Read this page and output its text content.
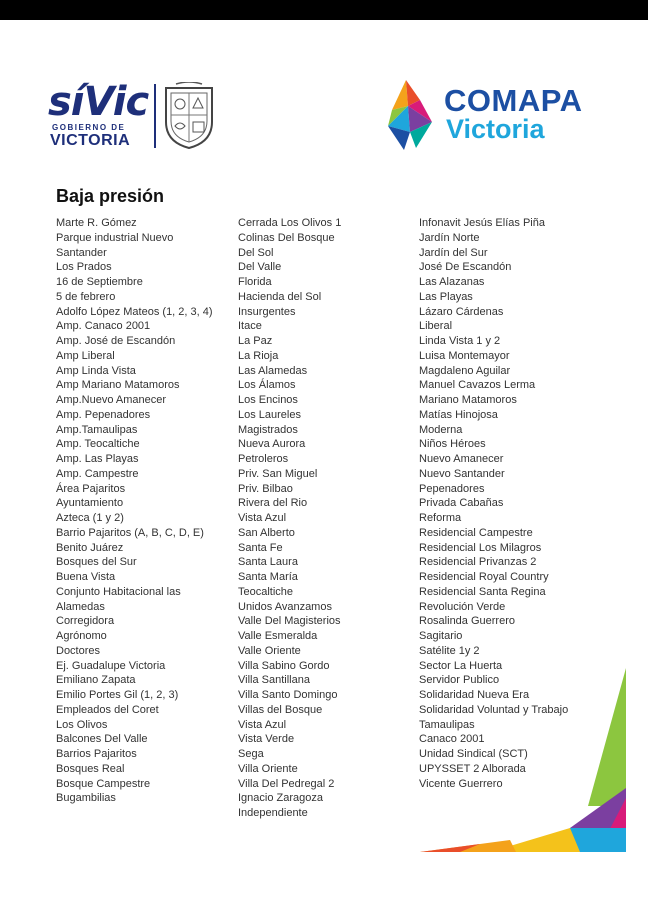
síVic
GOBIERNO DE
VICTORIA
COMAPA
Victoria
Baja presión
Marte R. Gómez
Parque industrial Nuevo Santander
Los Prados
16 de Septiembre
5 de febrero
Adolfo López Mateos (1, 2, 3, 4)
Amp. Canaco 2001
Amp. José de Escandón
Amp Liberal
Amp Linda Vista
Amp Mariano Matamoros
Amp.Nuevo Amanecer
Amp. Pepenadores
Amp.Tamaulipas
Amp. Teocaltiche
Amp. Las Playas
Amp. Campestre
Área Pajaritos
Ayuntamiento
Azteca (1 y 2)
Barrio Pajaritos (A, B, C, D, E)
Benito Juárez
Bosques del Sur
Buena Vista
Conjunto Habitacional las Alamedas
Corregidora
Agrónomo
Doctores
Ej. Guadalupe Victoria
Emiliano Zapata
Emilio Portes Gil (1, 2, 3)
Empleados del Coret
Los Olivos
Balcones Del Valle
Barrios Pajaritos
Bosques Real
Bosque Campestre
Bugambilias
Cerrada Los Olivos 1
Colinas Del Bosque
Del Sol
Del Valle
Florida
Hacienda del Sol
Insurgentes
Itace
La Paz
La Rioja
Las Alamedas
Los Álamos
Los Encinos
Los Laureles
Magistrados
Nueva Aurora
Petroleros
Priv. San Miguel
Priv. Bilbao
Rivera del Rio
Vista Azul
San Alberto
Santa Fe
Santa Laura
Santa María
Teocaltiche
Unidos Avanzamos
Valle Del Magisterios
Valle Esmeralda
Valle Oriente
Villa Sabino Gordo
Villa Santillana
Villa Santo Domingo
Villas del Bosque
Vista Azul
Vista Verde
Sega
Villa Oriente
Villa Del Pedregal 2
Ignacio Zaragoza
Independiente
Infonavit Jesús Elías Piña
Jardín Norte
Jardín del Sur
José De Escandón
Las Alazanas
Las Playas
Lázaro Cárdenas
Liberal
Linda Vista 1 y 2
Luisa Montemayor
Magdaleno Aguilar
Manuel Cavazos Lerma
Mariano Matamoros
Matías Hinojosa
Moderna
Niños Héroes
Nuevo Amanecer
Nuevo Santander
Pepenadores
Privada Cabañas
Reforma
Residencial Campestre
Residencial Los Milagros
Residencial Privanzas 2
Residencial Royal Country
Residencial Santa Regina
Revolución Verde
Rosalinda Guerrero
Sagitario
Satélite 1y 2
Sector La Huerta
Servidor Publico
Solidaridad Nueva Era
Solidaridad Voluntad y Trabajo
Tamaulipas
Canaco 2001
Unidad Sindical (SCT)
UPYSSET 2 Alborada
Vicente Guerrero
